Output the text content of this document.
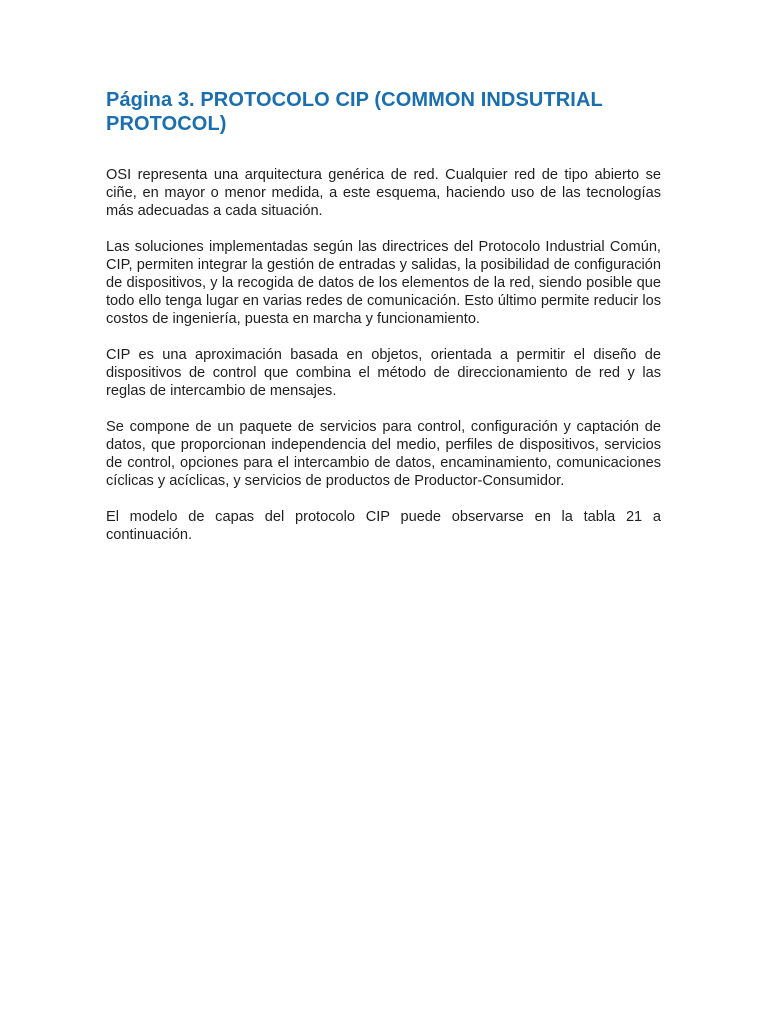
Página 3. PROTOCOLO CIP (COMMON INDSUTRIAL PROTOCOL)

OSI representa una arquitectura genérica de red. Cualquier red de tipo abierto se ciñe, en mayor o menor medida, a este esquema, haciendo uso de las tecnologías más adecuadas a cada situación.

Las soluciones implementadas según las directrices del Protocolo Industrial Común, CIP, permiten integrar la gestión de entradas y salidas, la posibilidad de configuración de dispositivos, y la recogida de datos de los elementos de la red, siendo posible que todo ello tenga lugar en varias redes de comunicación. Esto último permite reducir los costos de ingeniería, puesta en marcha y funcionamiento.

CIP es una aproximación basada en objetos, orientada a permitir el diseño de dispositivos de control que combina el método de direccionamiento de red y las reglas de intercambio de mensajes.

Se compone de un paquete de servicios para control, configuración y captación de datos, que proporcionan independencia del medio, perfiles de dispositivos, servicios de control, opciones para el intercambio de datos, encaminamiento, comunicaciones cíclicas y acíclicas, y servicios de productos de Productor-Consumidor.

El modelo de capas del protocolo CIP puede observarse en la tabla 21 a continuación.
